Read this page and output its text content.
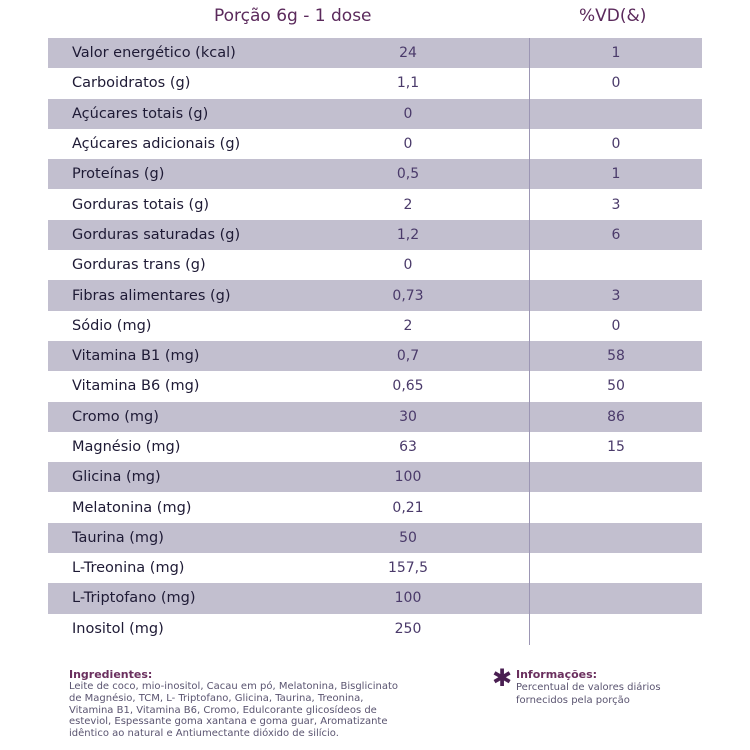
Porção 6g - 1 dose	%VD(&)
Valor energético (kcal)	24	1
Carboidratos (g)	1,1	0
Açúcares totais (g)	0
Açúcares adicionais (g)	0	0
Proteínas (g)	0,5	1
Gorduras totais (g)	2	3
Gorduras saturadas (g)	1,2	6
Gorduras trans (g)	0
Fibras alimentares (g)	0,73	3
Sódio (mg)	2	0
Vitamina B1 (mg)	0,7	58
Vitamina B6 (mg)	0,65	50
Cromo (mg)	30	86
Magnésio (mg)	63	15
Glicina (mg)	100
Melatonina (mg)	0,21
Taurina (mg)	50
L-Treonina (mg)	157,5
L-Triptofano (mg)	100
Inositol (mg)	250
Ingredientes:
Leite de coco, mio-inositol, Cacau em pó, Melatonina, Bisglicinato
de Magnésio, TCM, L- Triptofano, Glicina, Taurina, Treonina,
Vitamina B1, Vitamina B6, Cromo, Edulcorante glicosídeos de
esteviol, Espessante goma xantana e goma guar, Aromatizante
idêntico ao natural e Antiumectante dióxido de silício.
✱ Informações:
Percentual de valores diários
fornecidos pela porção
